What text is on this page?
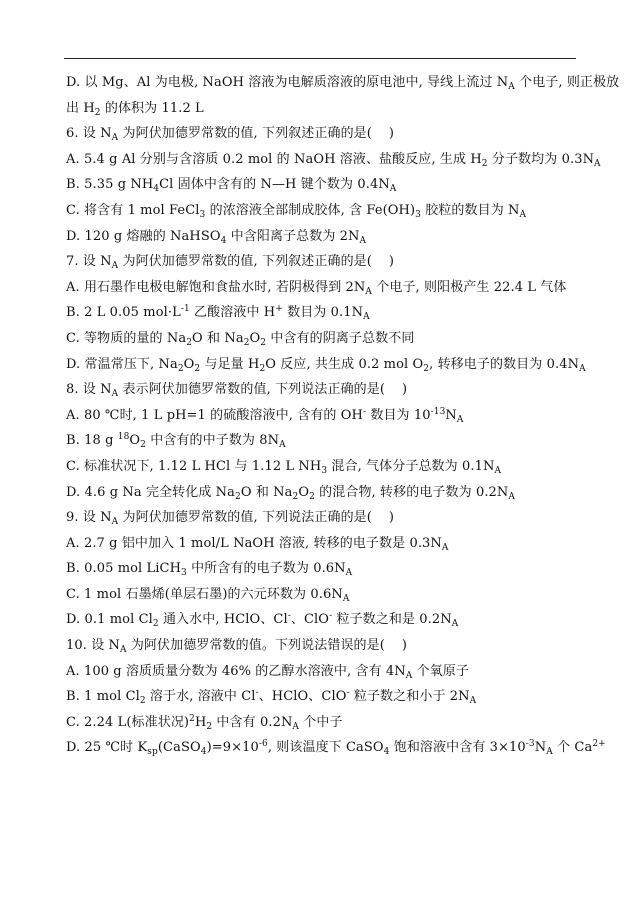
D. 以 Mg、Al 为电极, NaOH 溶液为电解质溶液的原电池中, 导线上流过 $N_A$ 个电子, 则正极放
出 $H_2$ 的体积为 11.2 L
6. 设 $N_A$ 为阿伏加德罗常数的值, 下列叙述正确的是(    )
A. 5.4 g Al 分别与含溶质 0.2 mol 的 NaOH 溶液、盐酸反应, 生成 $H_2$ 分子数均为 $0.3N_A$
B. 5.35 g $NH_4Cl$ 固体中含有的 N—H 键个数为 $0.4N_A$
C. 将含有 1 mol FeCl$_3$ 的浓溶液全部制成胶体, 含 $Fe(OH)_3$ 胶粒的数目为 $N_A$
D. 120 g 熔融的 NaHSO$_4$ 中含阳离子总数为 $2N_A$
7. 设 $N_A$ 为阿伏加德罗常数的值, 下列叙述正确的是(    )
A. 用石墨作电极电解饱和食盐水时, 若阴极得到 $2N_A$ 个电子, 则阳极产生 22.4 L 气体
B. 2 L 0.05 $mol\cdot L^{-1}$ 乙酸溶液中 H+ 数目为 $0.1N_A$
C. 等物质的量的 $Na_2O$ 和 $Na_2O_2$ 中含有的阴离子总数不同
D. 常温常压下, $Na_2O_2$ 与足量 $H_2O$ 反应, 共生成 0.2 mol $O_2$, 转移电子的数目为 $0.4N_A$
8. 设 $N_A$ 表示阿伏加德罗常数的值, 下列说法正确的是(    )
A. 80 ℃时, 1 L pH=1 的硫酸溶液中, 含有的 OH- 数目为 $10^{-13}N_A$
B. 18 g $^{18}O_2$ 中含有的中子数为 $8N_A$
C. 标准状况下, 1.12 L HCl 与 1.12 L $NH_3$ 混合, 气体分子总数为 $0.1N_A$
D. 4.6 g Na 完全转化成 $Na_2O$ 和 $Na_2O_2$ 的混合物, 转移的电子数为 $0.2N_A$
9. 设 $N_A$ 为阿伏加德罗常数的值, 下列说法正确的是(    )
A. 2.7 g 铝中加入 1 mol/L NaOH 溶液, 转移的电子数是 $0.3N_A$
B. 0.05 mol LiCH$_3$ 中所含有的电子数为 $0.6N_A$
C. 1 mol 石墨烯(单层石墨)的六元环数为 $0.6N_A$
D. 0.1 mol $Cl_2$ 通入水中, HClO、Cl-、ClO- 粒子数之和是 $0.2N_A$
10. 设 $N_A$ 为阿伏加德罗常数的值。下列说法错误的是(    )
A. 100 g 溶质质量分数为 46% 的乙醇水溶液中, 含有 $4N_A$ 个氧原子
B. 1 mol $Cl_2$ 溶于水, 溶液中 Cl-、HClO、ClO- 粒子数之和小于 $2N_A$
C. 2.24 L(标准状况)$^2H_2$ 中含有 $0.2N_A$ 个中子
D. 25 ℃时 $K_{sp}(CaSO_4)=9\times 10^{-6}$, 则该温度下 CaSO$_4$ 饱和溶液中含有 $3\times 10^{-3}N_A$ 个 $Ca^{2+}$
